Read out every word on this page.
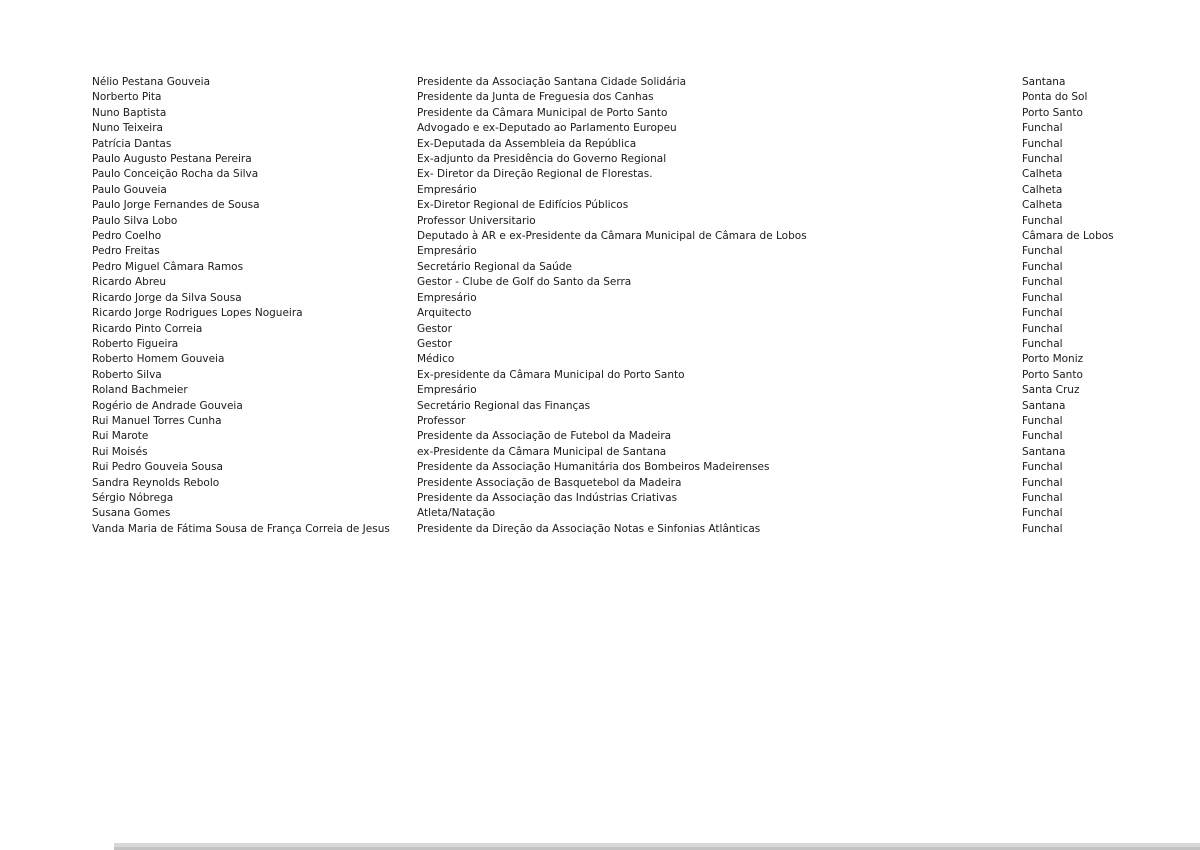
Nélio Pestana Gouveia	Presidente da Associação Santana Cidade Solidária	Santana
Norberto Pita	Presidente da Junta de Freguesia dos Canhas	Ponta do Sol
Nuno Baptista	Presidente da Câmara Municipal de Porto Santo	Porto Santo
Nuno Teixeira	Advogado e ex-Deputado ao Parlamento Europeu	Funchal
Patrícia Dantas	Ex-Deputada da Assembleia da República	Funchal
Paulo Augusto Pestana Pereira	Ex-adjunto da Presidência do Governo Regional	Funchal
Paulo Conceição Rocha da Silva	Ex- Diretor da Direção Regional de Florestas.	Calheta
Paulo Gouveia	Empresário	Calheta
Paulo Jorge Fernandes de Sousa	Ex-Diretor Regional de Edifícios Públicos	Calheta
Paulo Silva Lobo	Professor Universitario	Funchal
Pedro Coelho	Deputado à AR e ex-Presidente da Câmara Municipal de Câmara de Lobos	Câmara de Lobos
Pedro Freitas	Empresário	Funchal
Pedro Miguel Câmara Ramos	Secretário Regional da Saúde	Funchal
Ricardo Abreu	Gestor - Clube de Golf do Santo da Serra	Funchal
Ricardo Jorge da Silva Sousa	Empresário	Funchal
Ricardo Jorge Rodrigues Lopes Nogueira	Arquitecto	Funchal
Ricardo Pinto Correia	Gestor	Funchal
Roberto Figueira	Gestor	Funchal
Roberto Homem Gouveia	Médico	Porto Moniz
Roberto Silva	Ex-presidente da Câmara Municipal do Porto Santo	Porto Santo
Roland Bachmeier	Empresário	Santa Cruz
Rogério de Andrade Gouveia	Secretário Regional das Finanças	Santana
Rui Manuel Torres Cunha	Professor	Funchal
Rui Marote	Presidente da Associação de Futebol da Madeira	Funchal
Rui Moisés	ex-Presidente da Câmara Municipal de Santana	Santana
Rui Pedro Gouveia Sousa	Presidente da Associação Humanitária dos Bombeiros Madeirenses	Funchal
Sandra Reynolds Rebolo	Presidente Associação de Basquetebol da Madeira	Funchal
Sérgio Nóbrega	Presidente da Associação das Indústrias Criativas	Funchal
Susana Gomes	Atleta/Natação	Funchal
Vanda Maria de Fátima Sousa de França Correia de Jesus	Presidente da Direção da Associação Notas e Sinfonias Atlânticas	Funchal
